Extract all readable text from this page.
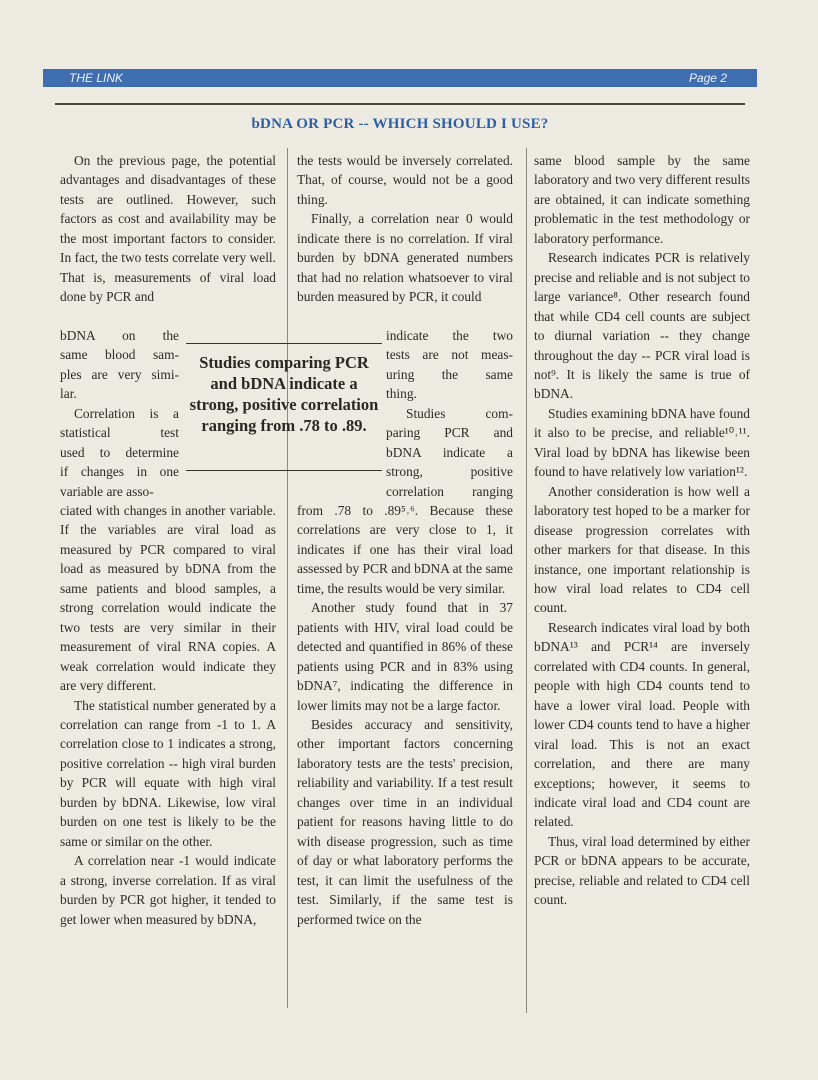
THE LINK	Page 2
bDNA OR PCR -- WHICH SHOULD I USE?

On the previous page, the potential advantages and disadvantages of these tests are outlined. However, such factors as cost and availability may be the most important factors to consider. In fact, the two tests correlate very well. That is, measurements of viral load done by PCR and

bDNA on the
same blood sam-
ples are very simi-
lar.
Correlation is a
statistical test
used to determine
if changes in one
variable are asso-

ciated with changes in another variable. If the variables are viral load as measured by PCR compared to viral load as measured by bDNA from the same patients and blood samples, a strong correlation would indicate the two tests are very similar in their measurement of viral RNA copies. A weak correlation would indicate they are very different.

The statistical number generated by a correlation can range from -1 to 1. A correlation close to 1 indicates a strong, positive correlation -- high viral burden by PCR will equate with high viral burden by bDNA. Likewise, low viral burden on one test is likely to be the same or similar on the other.

A correlation near -1 would indicate a strong, inverse correlation. If as viral burden by PCR got higher, it tended to get lower when measured by bDNA,

Studies comparing PCR and bDNA indicate a strong, positive correlation ranging from .78 to .89.

the tests would be inversely correlated. That, of course, would not be a good thing.

Finally, a correlation near 0 would indicate there is no correlation. If viral burden by bDNA generated numbers that had no relation whatsoever to viral burden measured by PCR, it could

indicate the two
tests are not meas-
uring the same
thing.
Studies com-
paring PCR and
bDNA indicate a
strong, positive
correlation ranging

from .78 to .89⁵˒⁶. Because these correlations are very close to 1, it indicates if one has their viral load assessed by PCR and bDNA at the same time, the results would be very similar.

Another study found that in 37 patients with HIV, viral load could be detected and quantified in 86% of these patients using PCR and in 83% using bDNA⁷, indicating the difference in lower limits may not be a large factor.

Besides accuracy and sensitivity, other important factors concerning laboratory tests are the tests' precision, reliability and variability. If a test result changes over time in an individual patient for reasons having little to do with disease progression, such as time of day or what laboratory performs the test, it can limit the usefulness of the test. Similarly, if the same test is performed twice on the

same blood sample by the same laboratory and two very different results are obtained, it can indicate something problematic in the test methodology or laboratory performance.

Research indicates PCR is relatively precise and reliable and is not subject to large variance⁸. Other research found that while CD4 cell counts are subject to diurnal variation -- they change throughout the day -- PCR viral load is not⁹. It is likely the same is true of bDNA.

Studies examining bDNA have found it also to be precise, and reliable¹⁰˒¹¹. Viral load by bDNA has likewise been found to have relatively low variation¹².

Another consideration is how well a laboratory test hoped to be a marker for disease progression correlates with other markers for that disease. In this instance, one important relationship is how viral load relates to CD4 cell count.

Research indicates viral load by both bDNA¹³ and PCR¹⁴ are inversely correlated with CD4 counts. In general, people with high CD4 counts tend to have a lower viral load. People with lower CD4 counts tend to have a higher viral load. This is not an exact correlation, and there are many exceptions; however, it seems to indicate viral load and CD4 count are related.

Thus, viral load determined by either PCR or bDNA appears to be accurate, precise, reliable and related to CD4 cell count.
